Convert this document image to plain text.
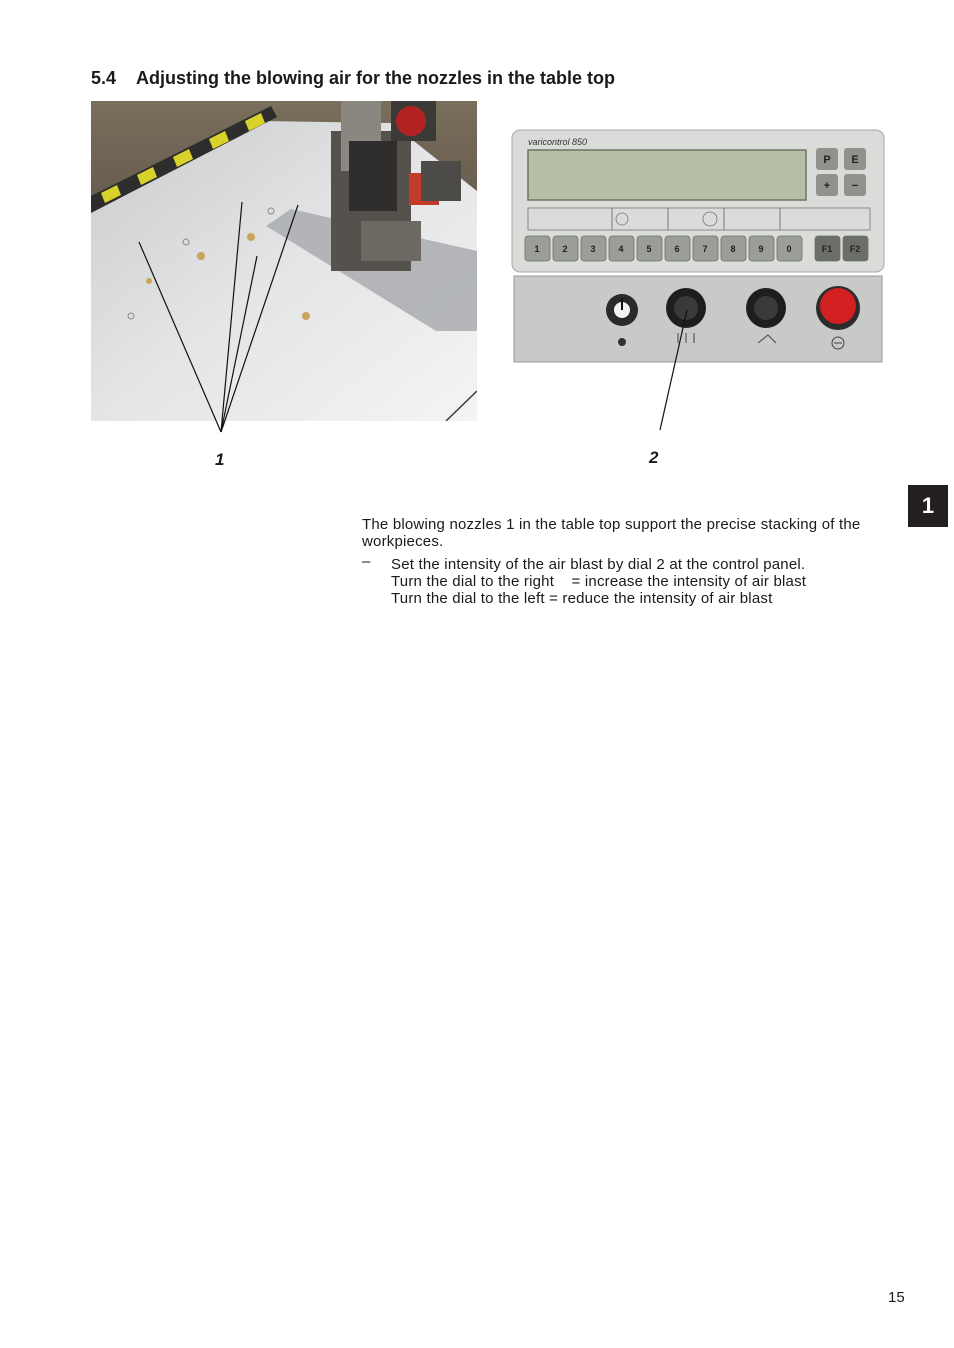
5.4 Adjusting the blowing air for the nozzles in the table top
varicontrol 850
P E
+ −
1	2	3	4	5	6	7	8	9	0	F1 F2
1	2
1

The blowing nozzles 1 in the table top support the precise stacking of the workpieces.

– Set the intensity of the air blast by dial 2 at the control panel.
Turn the dial to the right    = increase the intensity of air blast
Turn the dial to the left = reduce the intensity of air blast
15
